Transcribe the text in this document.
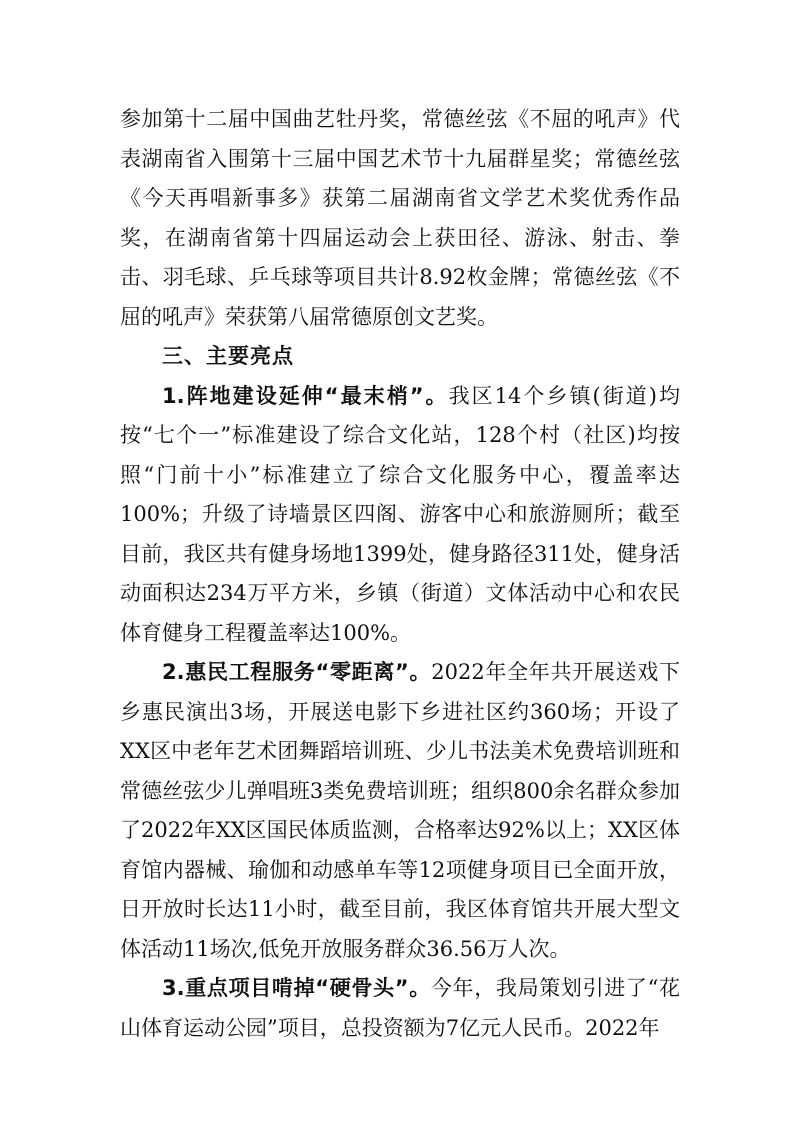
参加第十二届中国曲艺牡丹奖，常德丝弦《不屈的吼声》代表湖南省入围第十三届中国艺术节十九届群星奖；常德丝弦《今天再唱新事多》获第二届湖南省文学艺术奖优秀作品奖，在湖南省第十四届运动会上获田径、游泳、射击、拳击、羽毛球、乒乓球等项目共计8.92枚金牌；常德丝弦《不屈的吼声》荣获第八届常德原创文艺奖。

三、主要亮点

1.阵地建设延伸“最末梢”。我区14个乡镇(街道)均按“七个一”标准建设了综合文化站，128个村（社区)均按照“门前十小”标准建立了综合文化服务中心，覆盖率达100%；升级了诗墙景区四阁、游客中心和旅游厕所；截至目前，我区共有健身场地1399处，健身路径311处，健身活动面积达234万平方米，乡镇（街道）文体活动中心和农民体育健身工程覆盖率达100%。

2.惠民工程服务“零距离”。2022年全年共开展送戏下乡惠民演出3场，开展送电影下乡进社区约360场；开设了XX区中老年艺术团舞蹈培训班、少儿书法美术免费培训班和常德丝弦少儿弹唱班3类免费培训班；组织800余名群众参加了2022年XX区国民体质监测，合格率达92%以上；XX区体育馆内器械、瑜伽和动感单车等12项健身项目已全面开放，日开放时长达11小时，截至目前，我区体育馆共开展大型文体活动11场次,低免开放服务群众36.56万人次。

3.重点项目啃掉“硬骨头”。今年，我局策划引进了“花山体育运动公园”项目，总投资额为7亿元人民币。2022年
